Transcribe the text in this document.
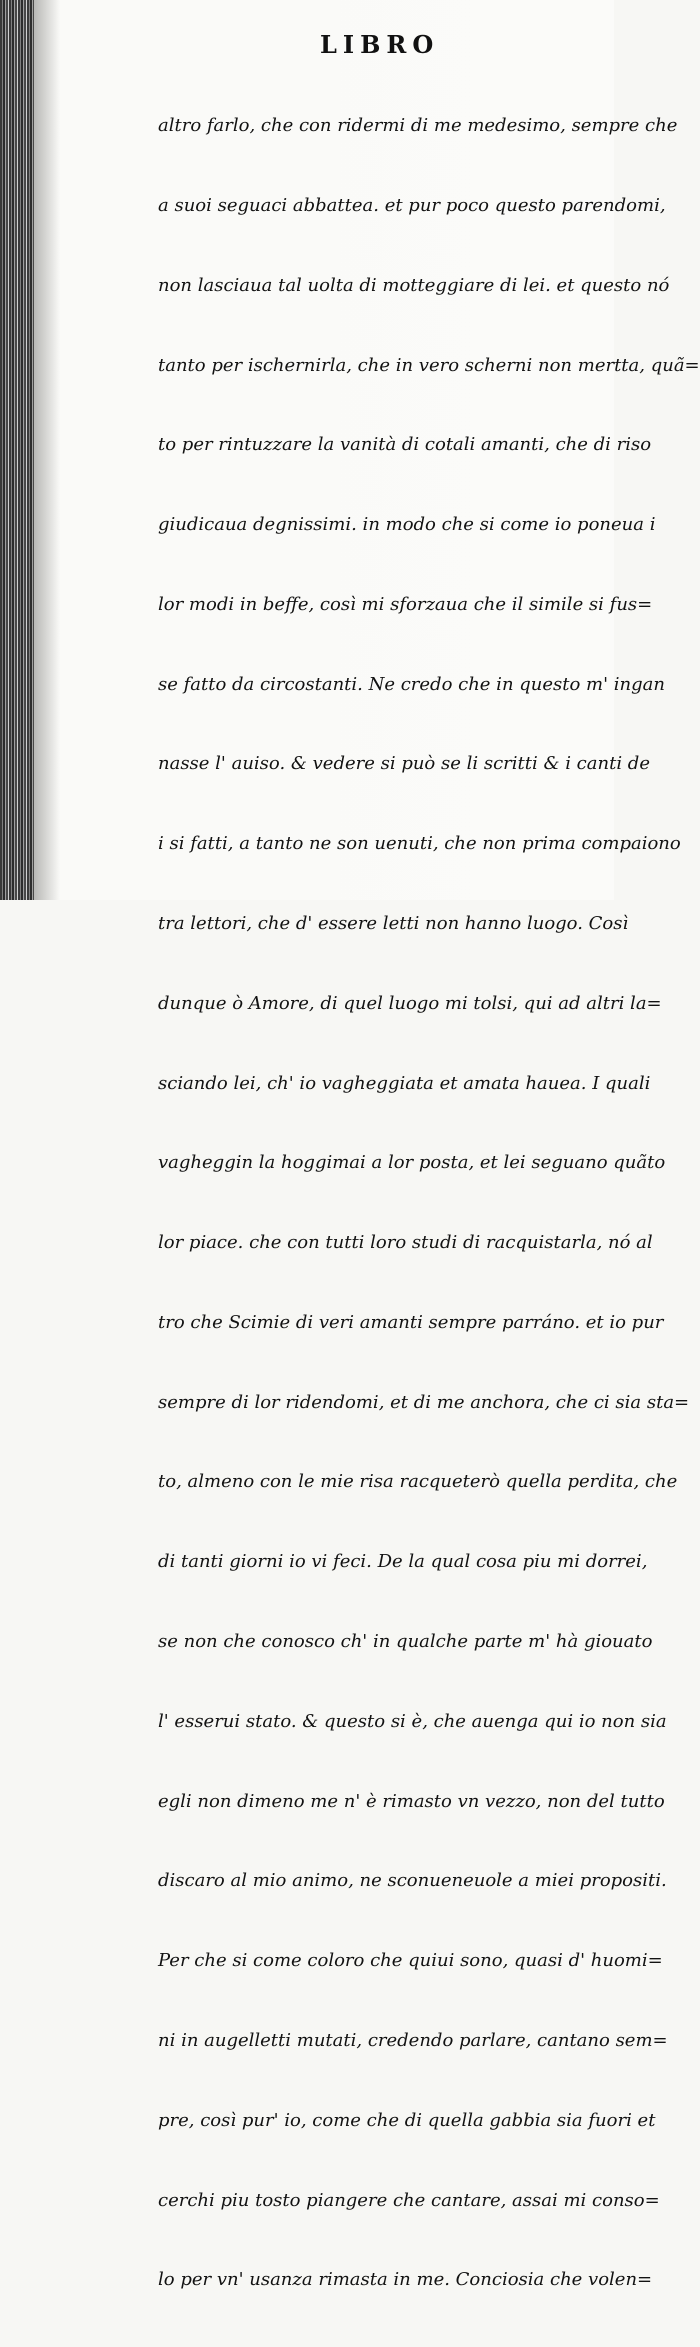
LIBRO

altro farlo, che con ridermi di me medesimo, sempre che

a suoi seguaci abbattea. et pur poco questo parendomi,

non lasciaua tal uolta di motteggiare di lei. et questo nó

tanto per ischernirla, che in vero scherni non mertta, quã=

to per rintuzzare la vanità di cotali amanti, che di riso

giudicaua degnissimi. in modo che si come io poneua i

lor modi in beffe, così mi sforzaua che il simile si fus=

se fatto da circostanti. Ne credo che in questo m' ingan

nasse l' auiso. & vedere si può se li scritti & i canti de

i si fatti, a tanto ne son uenuti, che non prima compaiono

tra lettori, che d' essere letti non hanno luogo. Così

dunque ò Amore, di quel luogo mi tolsi, qui ad altri la=

sciando lei, ch' io vagheggiata et amata hauea. I quali

vagheggin la hoggimai a lor posta, et lei seguano quãto

lor piace. che con tutti loro studi di racquistarla, nó al

tro che Scimie di veri amanti sempre parráno. et io pur

sempre di lor ridendomi, et di me anchora, che ci sia sta=

to, almeno con le mie risa racqueterò quella perdita, che

di tanti giorni io vi feci. De la qual cosa piu mi dorrei,

se non che conosco ch' in qualche parte m' hà giouato

l' esserui stato. & questo si è, che auenga qui io non sia

egli non dimeno me n' è rimasto vn vezzo, non del tutto

discaro al mio animo, ne sconueneuole a miei propositi.

Per che si come coloro che quiui sono, quasi d' huomi=

ni in augelletti mutati, credendo parlare, cantano sem=

pre, così pur' io, come che di quella gabbia sia fuori et

cerchi piu tosto piangere che cantare, assai mi conso=

lo per vn' usanza rimasta in me. Conciosia che volen=
